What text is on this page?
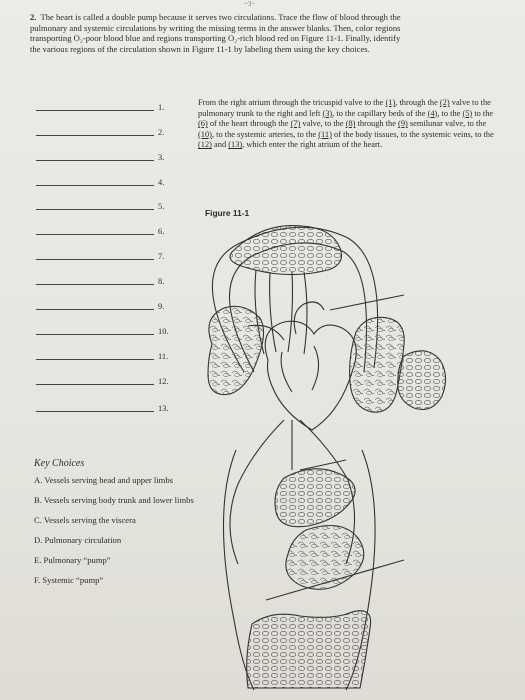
~3~
2. The heart is called a double pump because it serves two circulations. Trace the flow of blood through the pulmonary and systemic circulations by writing the missing terms in the answer blanks. Then, color regions transporting O₂-poor blood blue and regions transporting O₂-rich blood red on Figure 11-1. Finally, identify the various regions of the circulation shown in Figure 11-1 by labeling them using the key choices.
1.
2.
3.
4.
5.
6.
7.
8.
9.
10.
11.
12.
13.
From the right atrium through the tricuspid valve to the (1), through the (2) valve to the pulmonary trunk to the right and left (3), to the capillary beds of the (4), to the (5) to the (6) of the heart through the (7) valve, to the (8) through the (9) semilunar valve, to the (10), to the systemic arteries, to the (11) of the body tissues, to the systemic veins, to the (12) and (13), which enter the right atrium of the heart.
Figure 11-1
Key Choices
A. Vessels serving head and upper limbs
B. Vessels serving body trunk and lower limbs
C. Vessels serving the viscera
D. Pulmonary circulation
E. Pulmonary “pump”
F. Systemic “pump”
